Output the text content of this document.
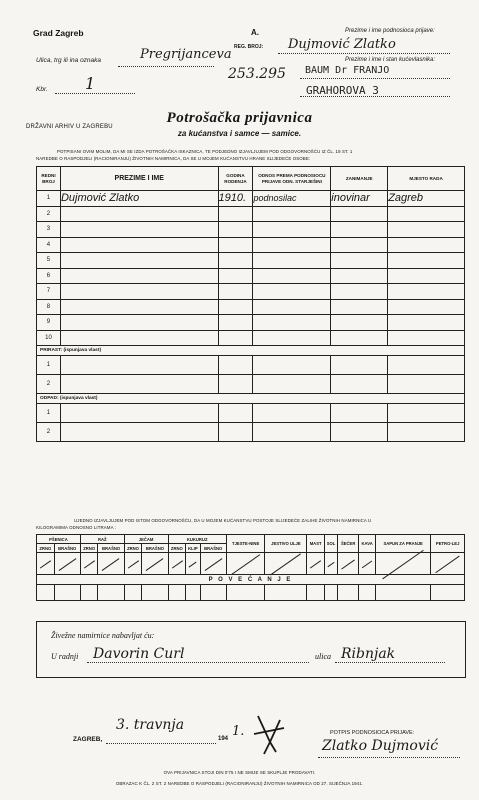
Grad Zagreb	A.
Ulica, trg ili ina oznaka	Pregrijanceva
Kbr. 1
REG. BROJ:
253.295
Prezime i ime podnosioca prijave:
Dujmović Zlatko
Prezime i ime i stan kućevlasnika:
BAUM Dr FRANJO
GRAHOROVA 3
DRŽAVNI ARHIV U ZAGREBU
Potrošačka prijavnica
za kućanstva i samce — samice.
POTPISANI OVIM MOLIM, DA MI SE IZDA POTROŠAČKA ISKAZNICA, TE PODJEDNO IZJAVLJUJEM POD ODGOVORNOŠĆU IZ ČL. 18 ST. 1
NAREDBE O RASPODJELI (RACIONIRANJU) ŽIVOTNIH NAMIRNICA, DA SE U MOJEM KUĆANSTVU HRANE SLIJEDEĆE OSOBE:
REDNI BROJ	PREZIME I IME	GODINA RODENJA	ODNOS PREMA PODNOSIOCU PRIJAVE ODN. STARJEŠINI	ZANIMANJE	MJESTO RADA
1	Dujmović Zlatko	1910.	podnosilac	inovinar	Zagreb
2					
3					
4					
5					
6					
7					
8					
9					
10					
PRIRAST: (ispunjava vlast)					
1					
2					
ODPAD: (ispunjava vlast)					
1					
2					
UJEDNO IZJAVLJUJEM POD ISTOM ODGOVORNOŠĆU, DA U MOJEM KUĆANSTVU POSTOJE SLIJEDEĆE ZALIHE ŽIVOTNIH NAMIRNICA U
KILOGRAMIMA ODNOSNO LITRAMA :
PŠENICA		RAŽ		JEČAM		KUKURUZ			TJESTE-NINE	JESTIVO ULJE	MAST	SOL	ŠEĆER	KAVA	SAPUN ZA PRANJE	PETRO-LEJ
ZRNO	BRAŠNO	ZRNO	BRAŠNO	ZRNO	BRAŠNO	ZRNO	KLIP	BRAŠNO								

P O V E Ć A N J E																

Živežne namirnice nabavljat ću:
U radnji Davorin Curl	ulica Ribnjak
ZAGREB,
3. travnja
194 1.	POTPIS PODNOSIOCA PRIJAVE:
Zlatko Dujmović
OVA PRIJAVNICA STOJI DIN 0'75 I NE SMIJE SE SKUPLJE PRODAVATI.
OBRAZAC K ČL. 2 ST. 2 NAREDBE O RASPODJELI (RACIONIRANJU) ŽIVOTNIH NAMIRNICA OD 27. SIJEČNJA 1941.
